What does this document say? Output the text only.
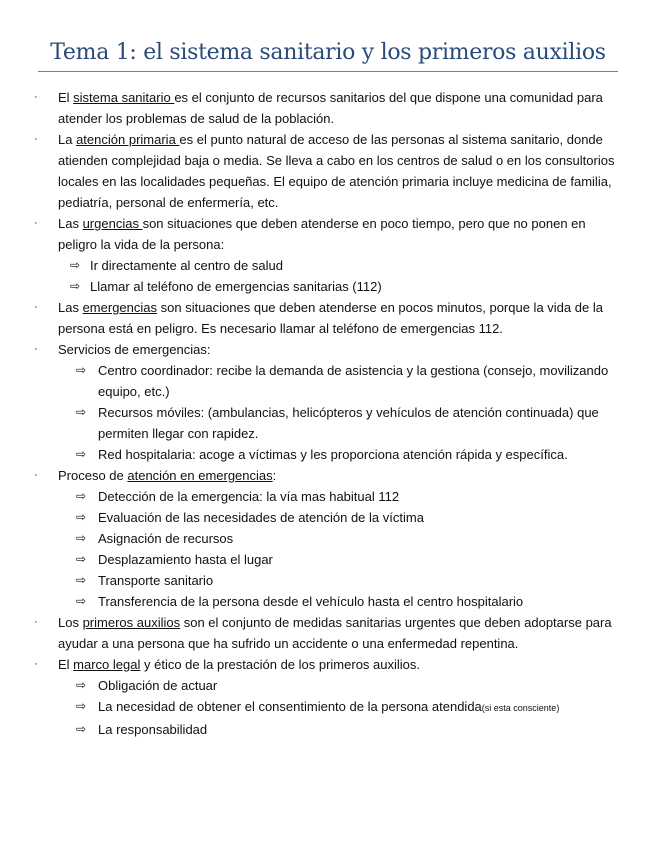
Tema 1: el sistema sanitario y los primeros auxilios
·	El sistema sanitario es el conjunto de recursos sanitarios del que dispone una comunidad para atender los problemas de salud de la población.
·	La atención primaria es el punto natural de acceso de las personas al sistema sanitario, donde atienden complejidad baja o media. Se lleva a cabo en los centros de salud o en los consultorios locales en las localidades pequeñas. El equipo de atención primaria incluye medicina de familia, pediatría, personal de enfermería, etc.
·	Las urgencias son situaciones que deben atenderse en poco tiempo, pero que no ponen en peligro la vida de la persona:
⇨ Ir directamente al centro de salud
⇨ Llamar al teléfono de emergencias sanitarias (112)
·	Las emergencias son situaciones que deben atenderse en pocos minutos, porque la vida de la persona está en peligro. Es necesario llamar al teléfono de emergencias 112.
·	Servicios de emergencias:
⇨ Centro coordinador: recibe la demanda de asistencia y la gestiona (consejo, movilizando equipo, etc.)
⇨ Recursos móviles: (ambulancias, helicópteros y vehículos de atención continuada) que permiten llegar con rapidez.
⇨ Red hospitalaria: acoge a víctimas y les proporciona atención rápida y específica.
·	Proceso de atención en emergencias:
⇨ Detección de la emergencia: la vía mas habitual 112
⇨ Evaluación de las necesidades de atención de la víctima
⇨ Asignación de recursos
⇨ Desplazamiento hasta el lugar
⇨ Transporte sanitario
⇨ Transferencia de la persona desde el vehículo hasta el centro hospitalario
·	Los primeros auxilios son el conjunto de medidas sanitarias urgentes que deben adoptarse para ayudar a una persona que ha sufrido un accidente o una enfermedad repentina.
·	El marco legal y ético de la prestación de los primeros auxilios.
⇨ Obligación de actuar
⇨ La necesidad de obtener el consentimiento de la persona atendida(si esta consciente)
⇨ La responsabilidad
